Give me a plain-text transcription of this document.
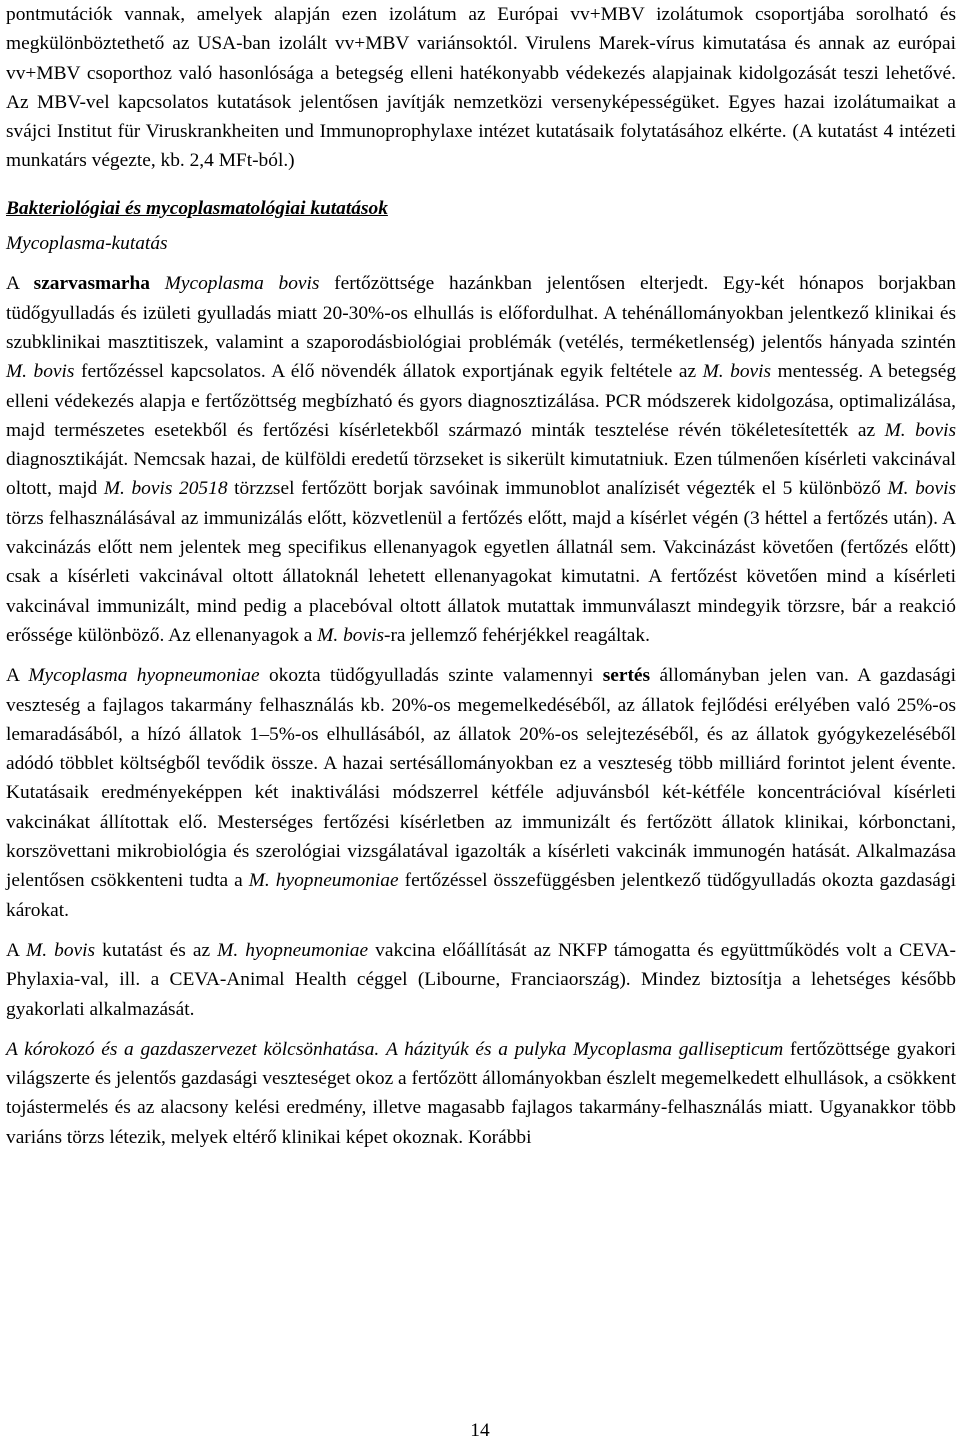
pontmutációk vannak, amelyek alapján ezen izolátum az Európai vv+MBV izolátumok csoportjába sorolható és megkülönböztethető az USA-ban izolált vv+MBV variánsoktól. Virulens Marek-vírus kimutatása és annak az európai vv+MBV csoporthoz való hasonlósága a betegség elleni hatékonyabb védekezés alapjainak kidolgozását teszi lehetővé. Az MBV-vel kapcsolatos kutatások jelentősen javítják nemzetközi versenyképességüket. Egyes hazai izolátumaikat a svájci Institut für Viruskrankheiten und Immunoprophylaxe intézet kutatásaik folytatásához elkérte. (A kutatást 4 intézeti munkatárs végezte, kb. 2,4 MFt-ból.)

Bakteriológiai és mycoplasmatológiai kutatások
Mycoplasma-kutatás

A szarvasmarha Mycoplasma bovis fertőzöttsége hazánkban jelentősen elterjedt. Egy-két hónapos borjakban tüdőgyulladás és izületi gyulladás miatt 20-30%-os elhullás is előfordulhat. A tehénállományokban jelentkező klinikai és szubklinikai masztitiszek, valamint a szaporodásbiológiai problémák (vetélés, terméketlenség) jelentős hányada szintén M. bovis fertőzéssel kapcsolatos. A élő növendék állatok exportjának egyik feltétele az M. bovis mentesség. A betegség elleni védekezés alapja e fertőzöttség megbízható és gyors diagnosztizálása. PCR módszerek kidolgozása, optimalizálása, majd természetes esetekből és fertőzési kísérletekből származó minták tesztelése révén tökéletesítették az M. bovis diagnosztikáját. Nemcsak hazai, de külföldi eredetű törzseket is sikerült kimutatniuk. Ezen túlmenően kísérleti vakcinával oltott, majd M. bovis 20518 törzzsel fertőzött borjak savóinak immunoblot analízisét végezték el 5 különböző M. bovis törzs felhasználásával az immunizálás előtt, közvetlenül a fertőzés előtt, majd a kísérlet végén (3 héttel a fertőzés után). A vakcinázás előtt nem jelentek meg specifikus ellenanyagok egyetlen állatnál sem. Vakcinázást követően (fertőzés előtt) csak a kísérleti vakcinával oltott állatoknál lehetett ellenanyagokat kimutatni. A fertőzést követően mind a kísérleti vakcinával immunizált, mind pedig a placebóval oltott állatok mutattak immunválaszt mindegyik törzsre, bár a reakció erőssége különböző. Az ellenanyagok a M. bovis-ra jellemző fehérjékkel reagáltak.

A Mycoplasma hyopneumoniae okozta tüdőgyulladás szinte valamennyi sertés állományban jelen van. A gazdasági veszteség a fajlagos takarmány felhasználás kb. 20%-os megemelkedéséből, az állatok fejlődési erélyében való 25%-os lemaradásából, a hízó állatok 1–5%-os elhullásából, az állatok 20%-os selejtezéséből, és az állatok gyógykezeléséből adódó többlet költségből tevődik össze. A hazai sertésállományokban ez a veszteség több milliárd forintot jelent évente. Kutatásaik eredményeképpen két inaktiválási módszerrel kétféle adjuvánsból két-kétféle koncentrációval kísérleti vakcinákat állítottak elő. Mesterséges fertőzési kísérletben az immunizált és fertőzött állatok klinikai, kórbonctani, korszövettani mikrobiológia és szerológiai vizsgálatával igazolták a kísérleti vakcinák immunogén hatását. Alkalmazása jelentősen csökkenteni tudta a M. hyopneumoniae fertőzéssel összefüggésben jelentkező tüdőgyulladás okozta gazdasági károkat.

A M. bovis kutatást és az M. hyopneumoniae vakcina előállítását az NKFP támogatta és együttműködés volt a CEVA-Phylaxia-val, ill. a CEVA-Animal Health céggel (Libourne, Franciaország). Mindez biztosítja a lehetséges később gyakorlati alkalmazását.

A kórokozó és a gazdaszervezet kölcsönhatása. A házityúk és a pulyka Mycoplasma gallisepticum fertőzöttsége gyakori világszerte és jelentős gazdasági veszteséget okoz a fertőzött állományokban észlelt megemelkedett elhullások, a csökkent tojástermelés és az alacsony kelési eredmény, illetve magasabb fajlagos takarmány-felhasználás miatt. Ugyanakkor több variáns törzs létezik, melyek eltérő klinikai képet okoznak. Korábbi

14
